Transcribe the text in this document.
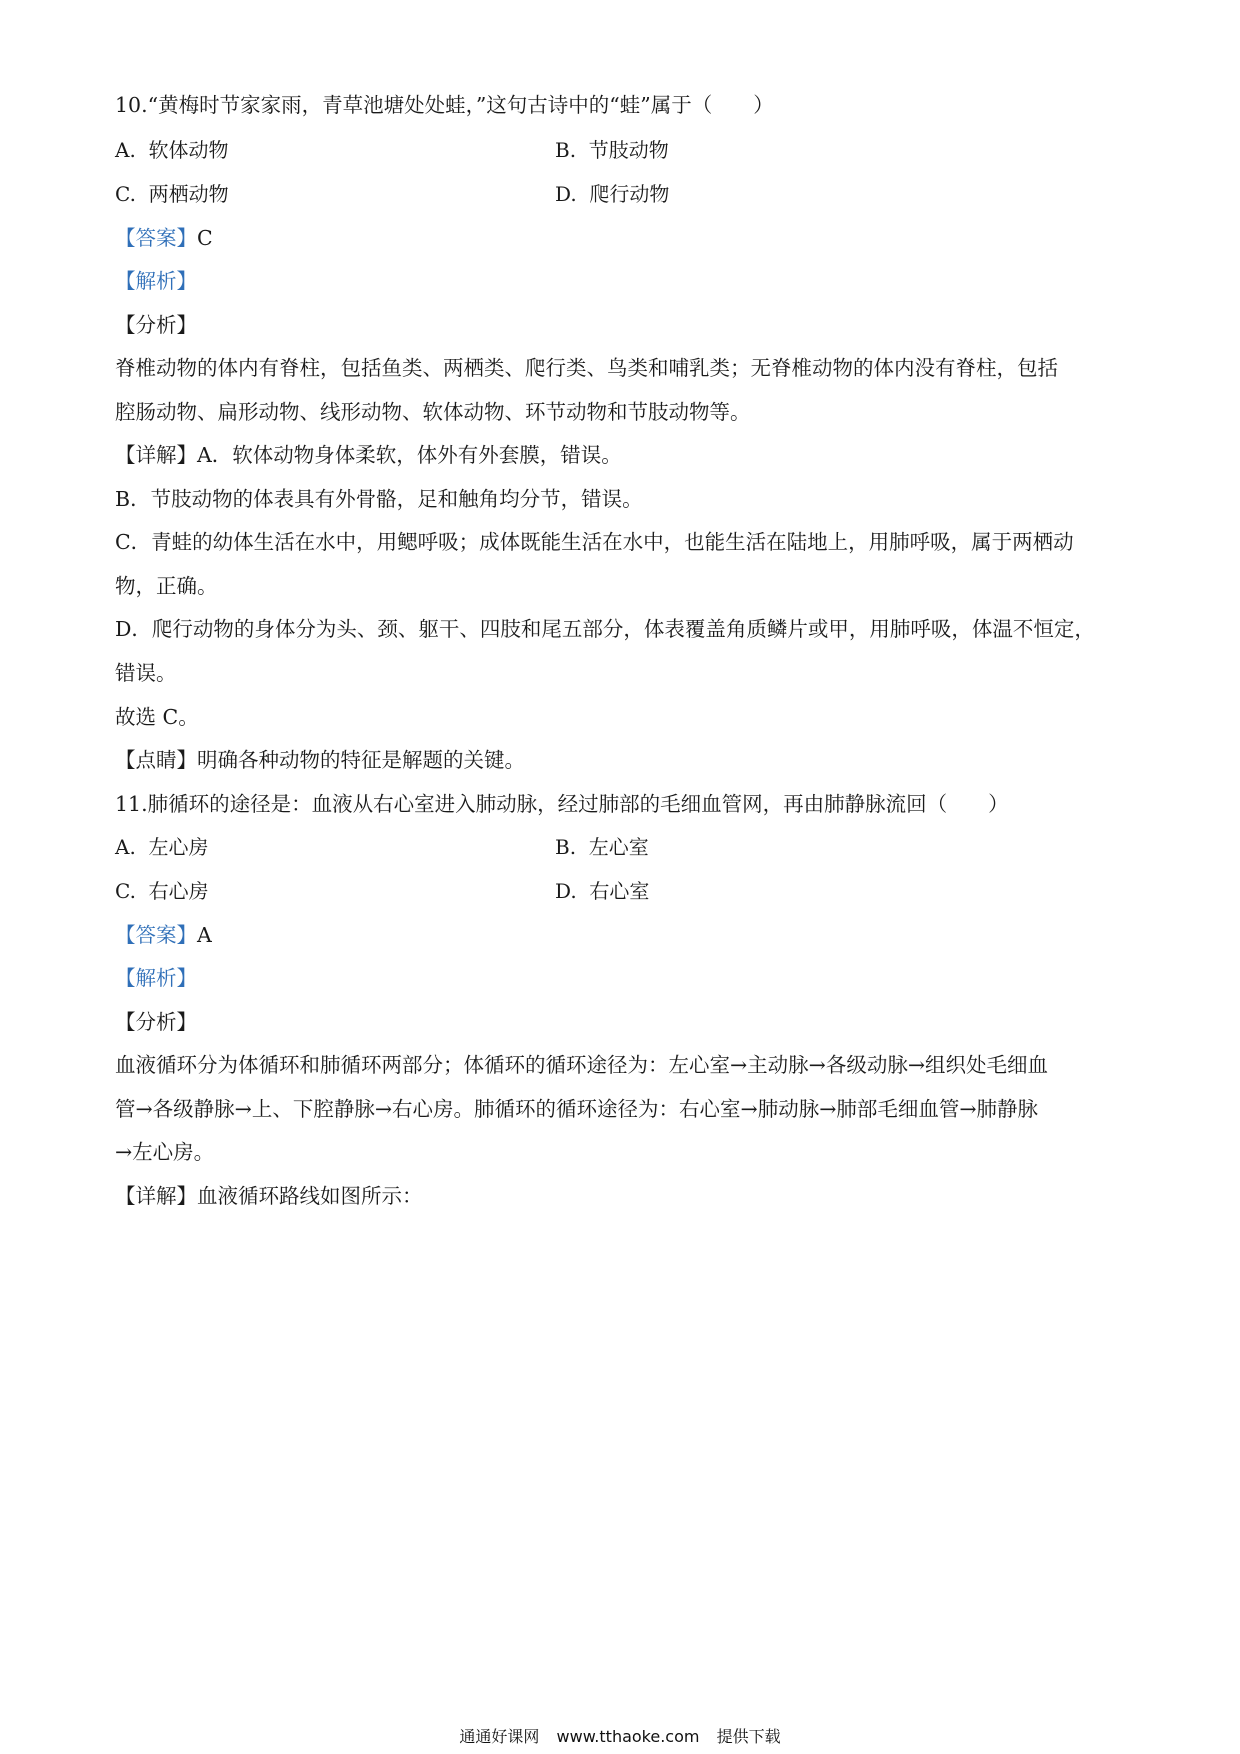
10.“黄梅时节家家雨，青草池塘处处蛙，”这句古诗中的“蛙”属于（　　）
A. 软体动物	B. 节肢动物
C. 两栖动物	D. 爬行动物
【答案】C
【解析】
【分析】
脊椎动物的体内有脊柱，包括鱼类、两栖类、爬行类、鸟类和哺乳类；无脊椎动物的体内没有脊柱，包括
腔肠动物、扁形动物、线形动物、软体动物、环节动物和节肢动物等。
【详解】A．软体动物身体柔软，体外有外套膜，错误。
B．节肢动物的体表具有外骨骼，足和触角均分节，错误。
C．青蛙的幼体生活在水中，用鳃呼吸；成体既能生活在水中，也能生活在陆地上，用肺呼吸，属于两栖动
物，正确。
D．爬行动物的身体分为头、颈、躯干、四肢和尾五部分，体表覆盖角质鳞片或甲，用肺呼吸，体温不恒定，
错误。
故选 C。
【点睛】明确各种动物的特征是解题的关键。
11.肺循环的途径是：血液从右心室进入肺动脉，经过肺部的毛细血管网，再由肺静脉流回（　　）
A. 左心房	B. 左心室
C. 右心房	D. 右心室
【答案】A
【解析】
【分析】
血液循环分为体循环和肺循环两部分；体循环的循环途径为：左心室→主动脉→各级动脉→组织处毛细血
管→各级静脉→上、下腔静脉→右心房。肺循环的循环途径为：右心室→肺动脉→肺部毛细血管→肺静脉
→左心房。
【详解】血液循环路线如图所示：
通通好课网 www.tthaoke.com 提供下载
